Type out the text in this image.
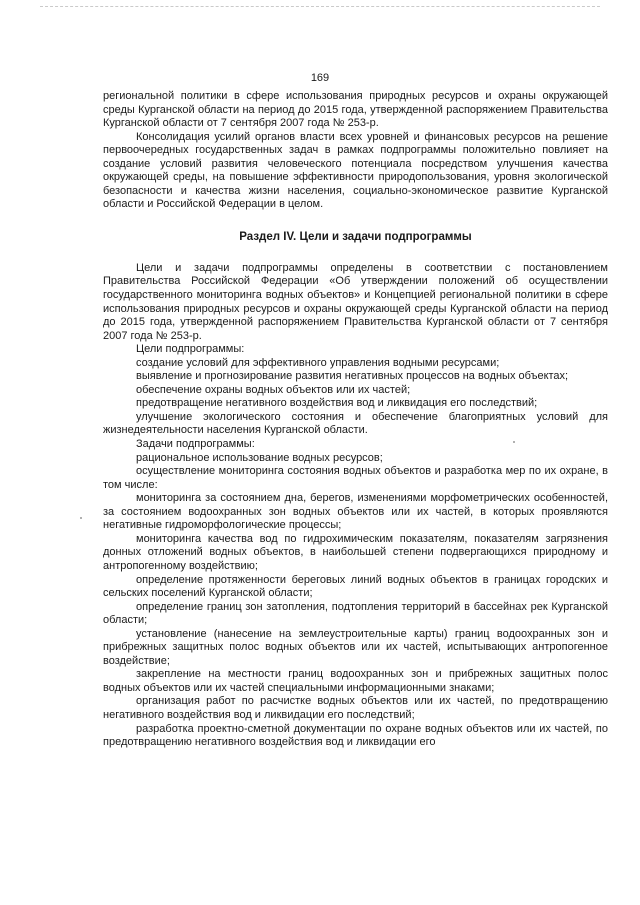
169

региональной политики в сфере использования природных ресурсов и охраны окружающей среды Курганской области на период до 2015 года, утвержденной распоряжением Правительства Курганской области от 7 сентября 2007 года № 253-р.

Консолидация усилий органов власти всех уровней и финансовых ресурсов на решение первоочередных государственных задач в рамках подпрограммы положительно повлияет на создание условий развития человеческого потенциала посредством улучшения качества окружающей среды, на повышение эффективности природопользования, уровня экологической безопасности и качества жизни населения, социально-экономическое развитие Курганской области и Российской Федерации в целом.

Раздел IV. Цели и задачи подпрограммы

Цели и задачи подпрограммы определены в соответствии с постановлением Правительства Российской Федерации «Об утверждении положений об осуществлении государственного мониторинга водных объектов» и Концепцией региональной политики в сфере использования природных ресурсов и охраны окружающей среды Курганской области на период до 2015 года, утвержденной распоряжением Правительства Курганской области от 7 сентября 2007 года № 253-р.

Цели подпрограммы:

создание условий для эффективного управления водными ресурсами;

выявление и прогнозирование развития негативных процессов на водных объектах;

обеспечение охраны водных объектов или их частей;

предотвращение негативного воздействия вод и ликвидация его последствий;

улучшение экологического состояния и обеспечение благоприятных условий для жизнедеятельности населения Курганской области.

Задачи подпрограммы:

рациональное использование водных ресурсов;

осуществление мониторинга состояния водных объектов и разработка мер по их охране, в том числе:

мониторинга за состоянием дна, берегов, изменениями морфометрических особенностей, за состоянием водоохранных зон водных объектов или их частей, в которых проявляются негативные гидроморфологические процессы;

мониторинга качества вод по гидрохимическим показателям, показателям загрязнения донных отложений водных объектов, в наибольшей степени подвергающихся природному и антропогенному воздействию;

определение протяженности береговых линий водных объектов в границах городских и сельских поселений Курганской области;

определение границ зон затопления, подтопления территорий в бассейнах рек Курганской области;

установление (нанесение на землеустроительные карты) границ водоохранных зон и прибрежных защитных полос водных объектов или их частей, испытывающих антропогенное воздействие;

закрепление на местности границ водоохранных зон и прибрежных защитных полос водных объектов или их частей специальными информационными знаками;

организация работ по расчистке водных объектов или их частей, по предотвращению негативного воздействия вод и ликвидации его последствий;

разработка проектно-сметной документации по охране водных объектов или их частей, по предотвращению негативного воздействия вод и ликвидации его
